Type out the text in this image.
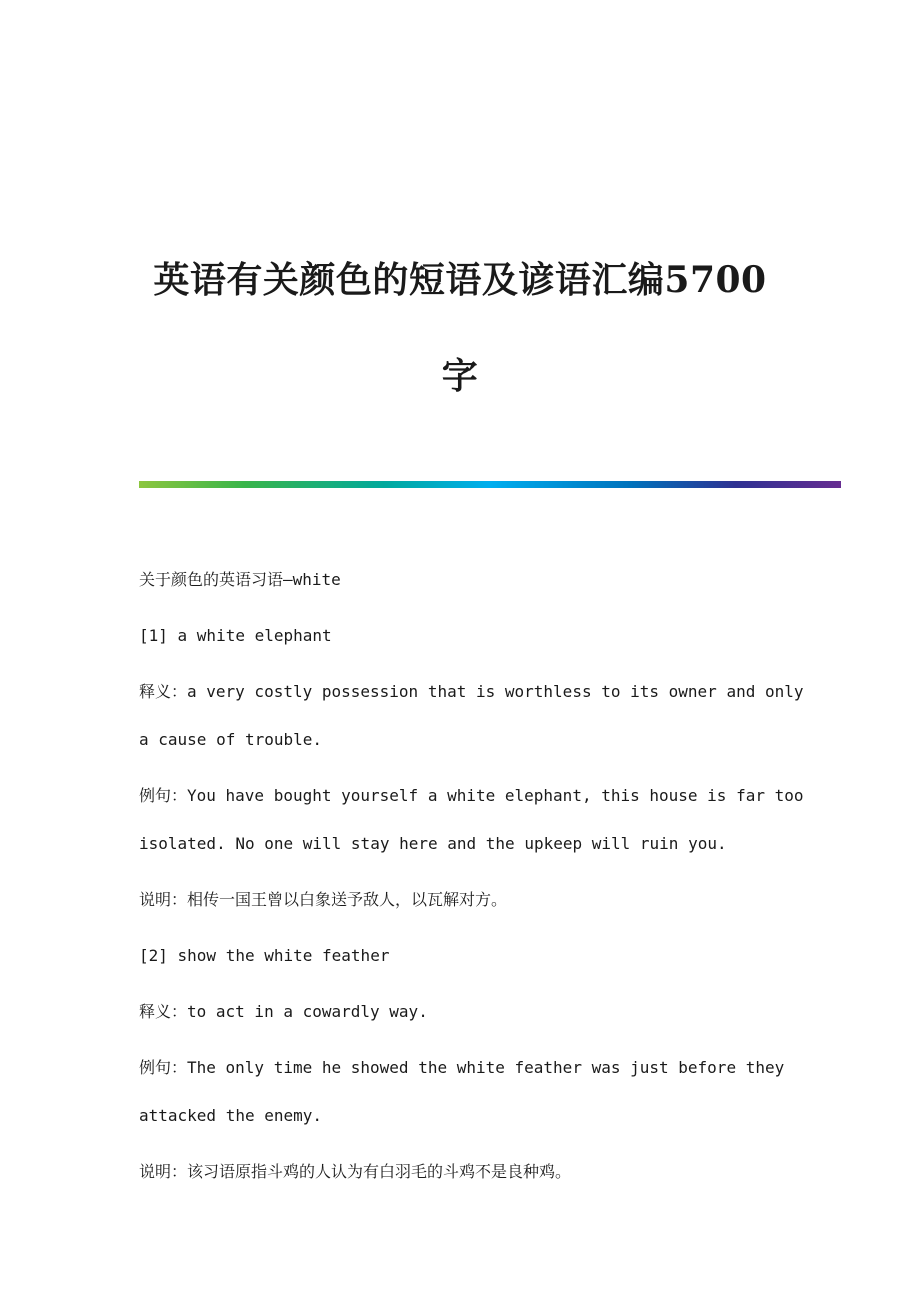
英语有关颜色的短语及谚语汇编5700
字

关于颜色的英语习语—white

[1] a white elephant

释义：a very costly possession that is worthless to its owner and only a cause of trouble.

例句：You have bought yourself a white elephant, this house is far too isolated. No one will stay here and the upkeep will ruin you.

说明：相传一国王曾以白象送予敌人，以瓦解对方。

[2] show the white feather

释义：to act in a cowardly way.

例句：The only time he showed the white feather was just before they attacked the enemy.

说明：该习语原指斗鸡的人认为有白羽毛的斗鸡不是良种鸡。
